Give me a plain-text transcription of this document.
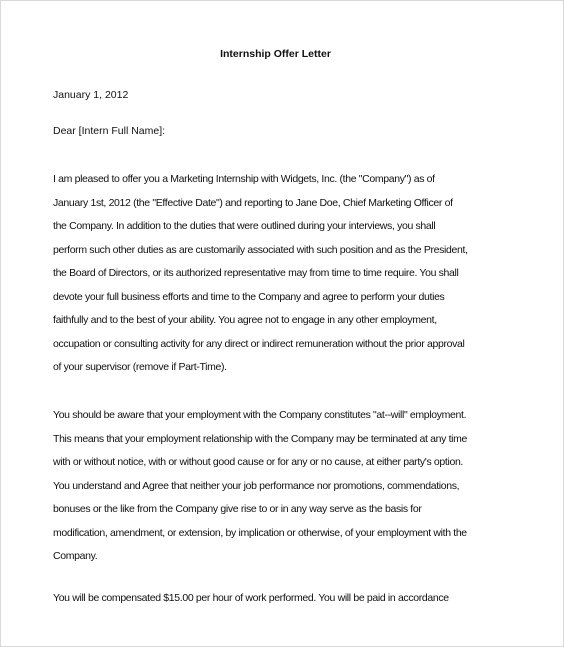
Internship Offer Letter

January 1, 2012

Dear [Intern Full Name]:

I am pleased to offer you a Marketing Internship with Widgets, Inc. (the "Company") as of
January 1st, 2012 (the "Effective Date") and reporting to Jane Doe, Chief Marketing Officer of
the Company. In addition to the duties that were outlined during your interviews, you shall
perform such other duties as are customarily associated with such position and as the President,
the Board of Directors, or its authorized representative may from time to time require. You shall
devote your full business efforts and time to the Company and agree to perform your duties
faithfully and to the best of your ability. You agree not to engage in any other employment,
occupation or consulting activity for any direct or indirect remuneration without the prior approval
of your supervisor (remove if Part-Time).

You should be aware that your employment with the Company constitutes "at--will" employment.
This means that your employment relationship with the Company may be terminated at any time
with or without notice, with or without good cause or for any or no cause, at either party's option.
You understand and Agree that neither your job performance nor promotions, commendations,
bonuses or the like from the Company give rise to or in any way serve as the basis for
modification, amendment, or extension, by implication or otherwise, of your employment with the
Company.

You will be compensated $15.00 per hour of work performed. You will be paid in accordance
